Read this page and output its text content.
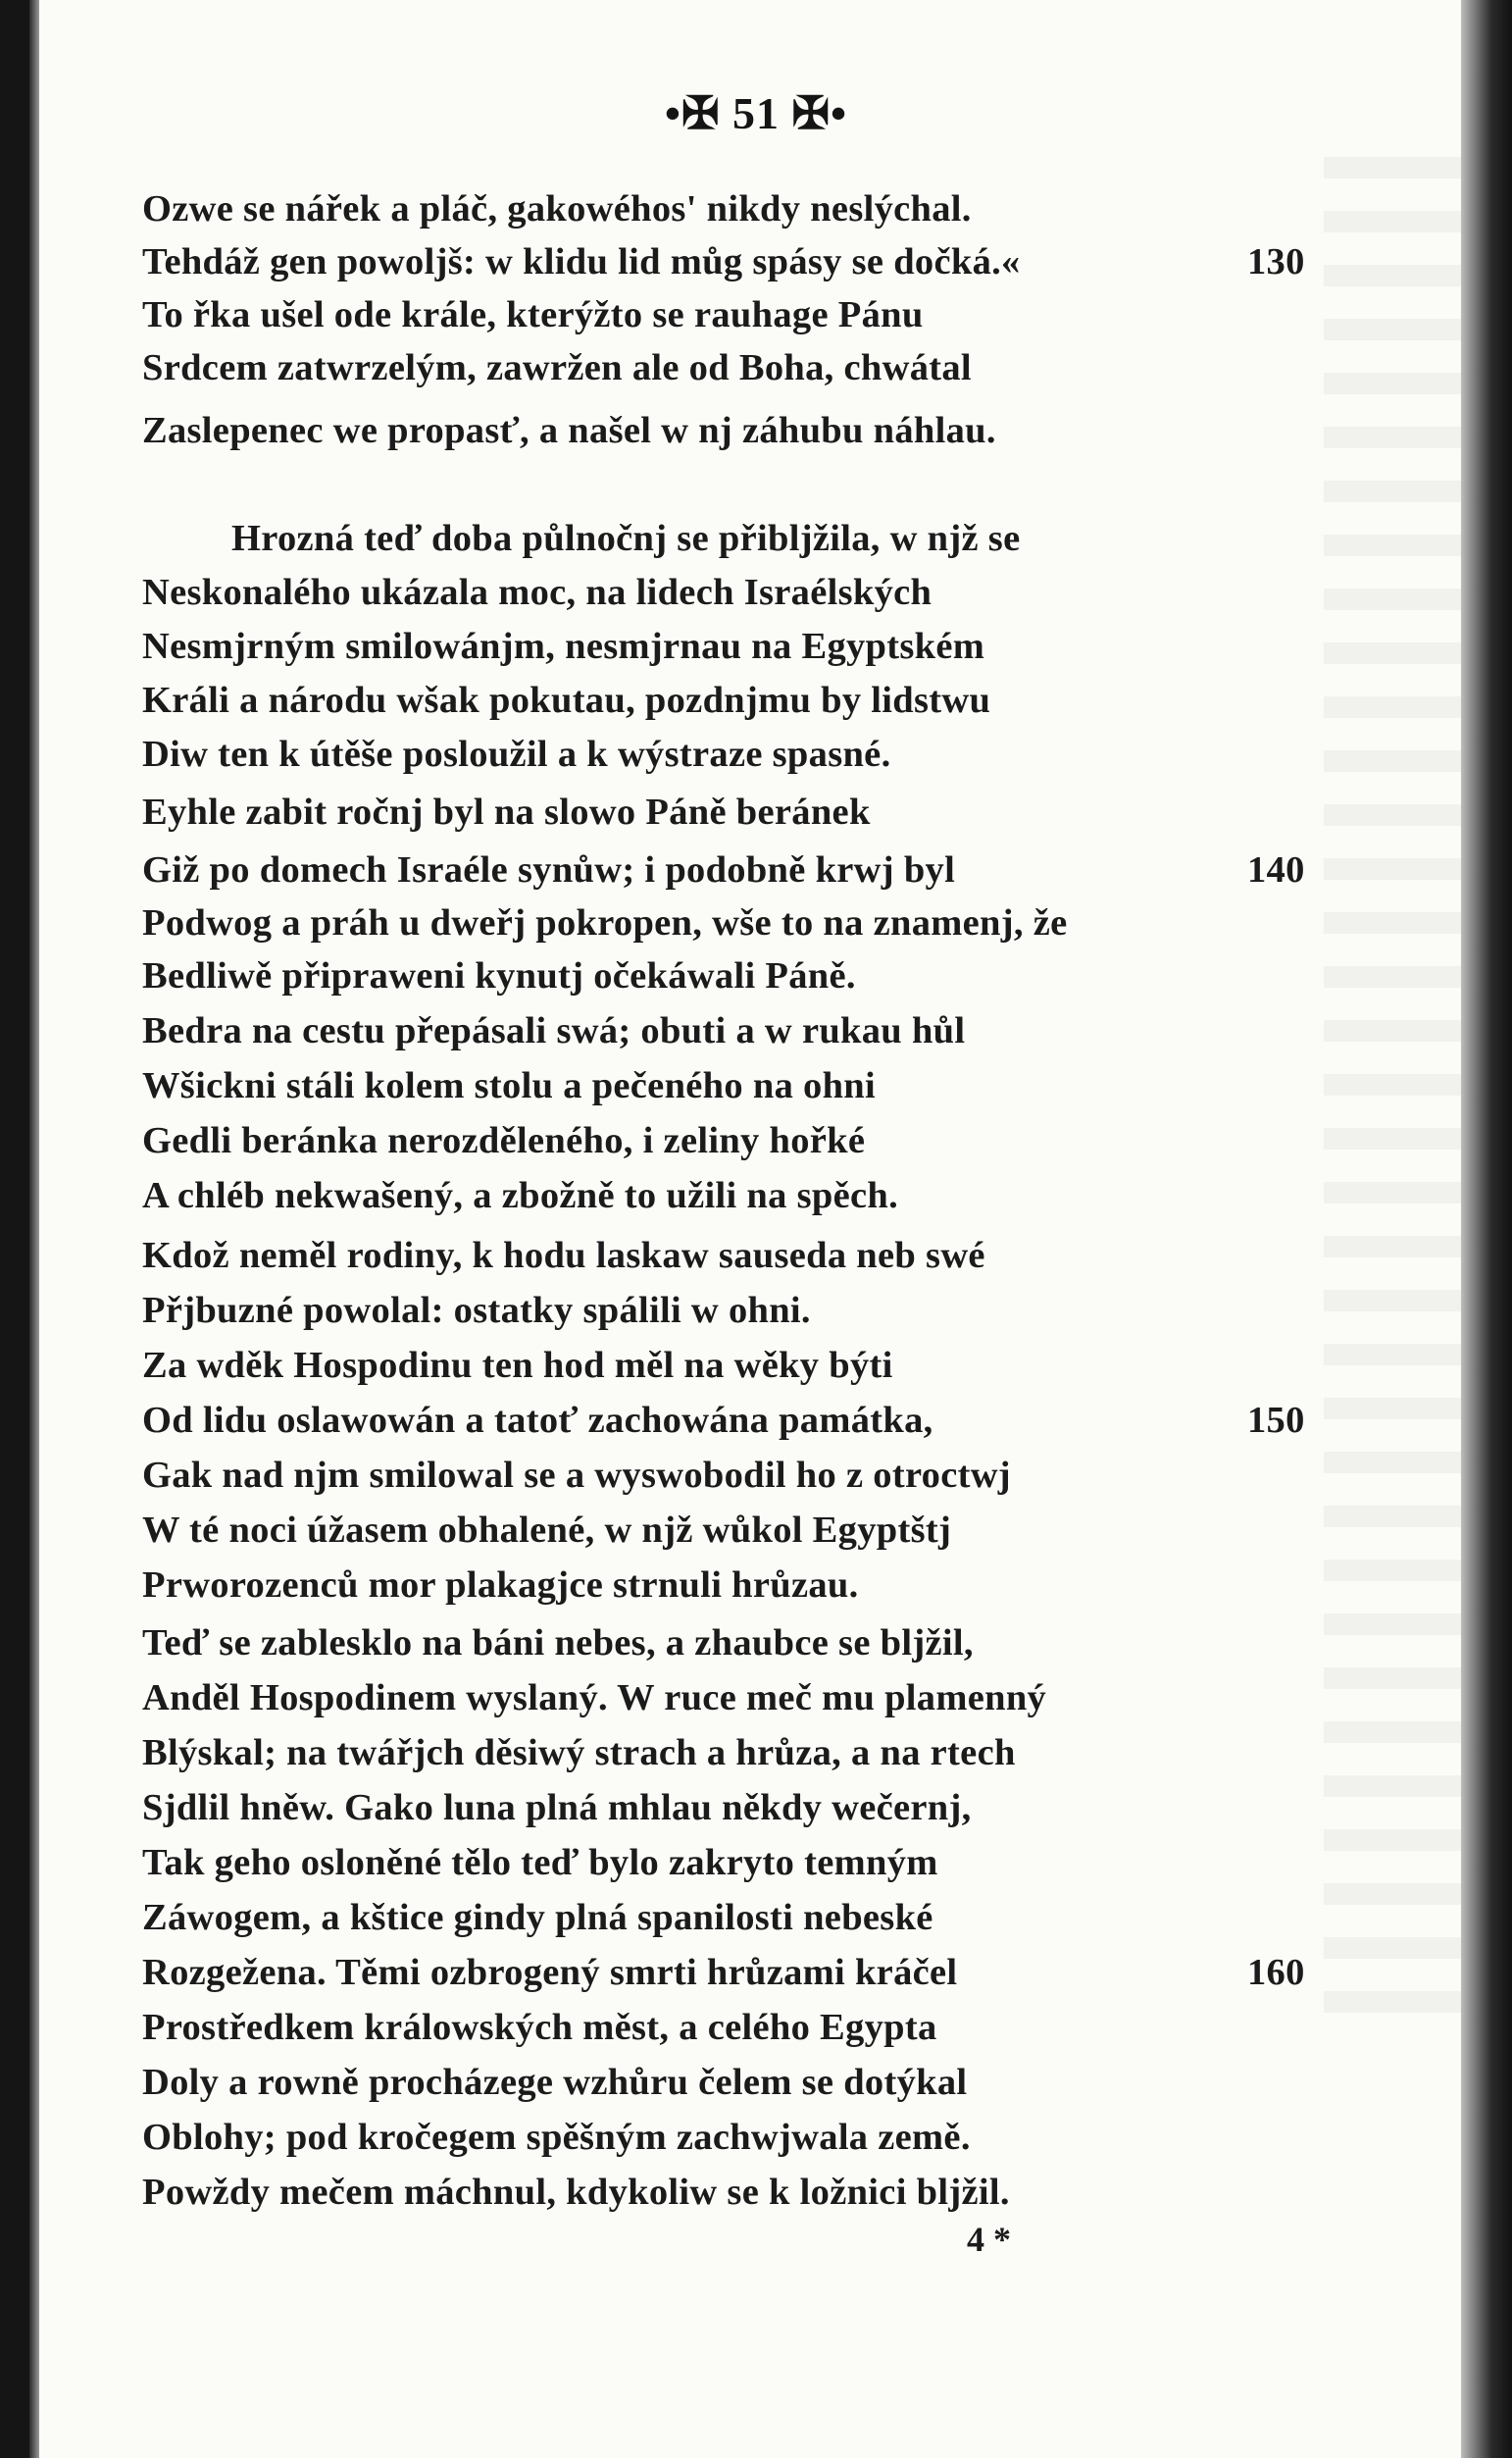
•✠ 51 ✠•
Ozwe se nářek a pláč, gakowéhos' nikdy neslýchal.
Tehdáž gen powoljš: w klidu lid můg spásy se dočká.«	130
To řka ušel ode krále, kterýžto se rauhage Pánu
Srdcem zatwrzelým, zawržen ale od Boha, chwátal
Zaslepenec we propasť, a našel w nj záhubu náhlau.
Hrozná teď doba půlnočnj se přibljžila, w njž se
Neskonalého ukázala moc, na lidech Israélských
Nesmjrným smilowánjm, nesmjrnau na Egyptském
Králi a národu wšak pokutau, pozdnjmu by lidstwu
Diw ten k útěše posloužil a k wýstraze spasné.
Eyhle zabit ročnj byl na slowo Páně beránek
Giž po domech Israéle synůw; i podobně krwj byl	140
Podwog a práh u dweřj pokropen, wše to na znamenj, že
Bedliwě připraweni kynutj očekáwali Páně.
Bedra na cestu přepásali swá; obuti a w rukau hůl
Wšickni stáli kolem stolu a pečeného na ohni
Gedli beránka nerozděleného, i zeliny hořké
A chléb nekwašený, a zbožně to užili na spěch.
Kdož neměl rodiny, k hodu laskaw sauseda neb swé
Přjbuzné powolal: ostatky spálili w ohni.
Za wděk Hospodinu ten hod měl na wěky býti
Od lidu oslawowán a tatoť zachowána památka,	150
Gak nad njm smilowal se a wyswobodil ho z otroctwj
W té noci úžasem obhalené, w njž wůkol Egyptštj
Prworozenců mor plakagjce strnuli hrůzau.
Teď se zablesklo na báni nebes, a zhaubce se bljžil,
Anděl Hospodinem wyslaný. W ruce meč mu plamenný
Blýskal; na twářjch děsiwý strach a hrůza, a na rtech
Sjdlil hněw. Gako luna plná mhlau někdy wečernj,
Tak geho osloněné tělo teď bylo zakryto temným
Záwogem, a kštice gindy plná spanilosti nebeské
Rozgežena. Těmi ozbrogený smrti hrůzami kráčel	160
Prostředkem králowských měst, a celého Egypta
Doly a rowně procházege wzhůru čelem se dotýkal
Oblohy; pod kročegem spěšným zachwjwala země.
Powždy mečem máchnul, kdykoliw se k ložnici bljžil.
4 *
